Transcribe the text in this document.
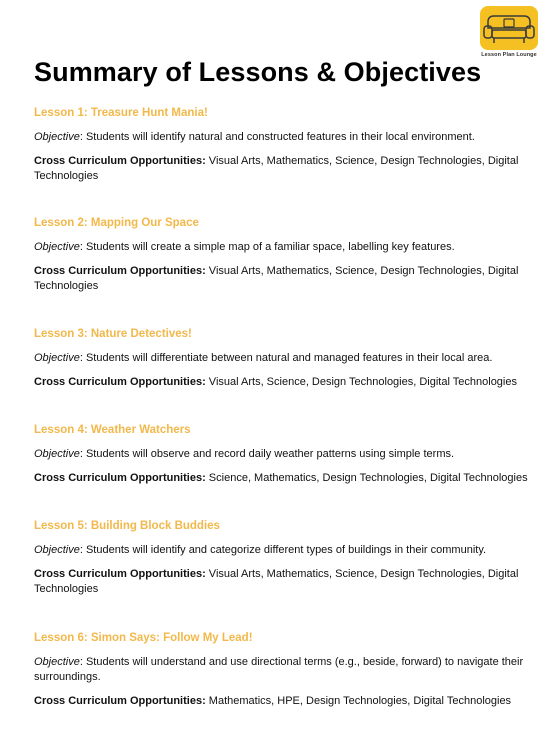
Lesson Plan Lounge
Summary of Lessons & Objectives
Lesson 1: Treasure Hunt Mania!

Objective: Students will identify natural and constructed features in their local environment.

Cross Curriculum Opportunities: Visual Arts, Mathematics, Science, Design Technologies, Digital Technologies

Lesson 2: Mapping Our Space

Objective: Students will create a simple map of a familiar space, labelling key features.

Cross Curriculum Opportunities: Visual Arts, Mathematics, Science, Design Technologies, Digital Technologies

Lesson 3: Nature Detectives!

Objective: Students will differentiate between natural and managed features in their local area.

Cross Curriculum Opportunities: Visual Arts, Science, Design Technologies, Digital Technologies

Lesson 4: Weather Watchers

Objective: Students will observe and record daily weather patterns using simple terms.

Cross Curriculum Opportunities: Science, Mathematics, Design Technologies, Digital Technologies

Lesson 5: Building Block Buddies

Objective: Students will identify and categorize different types of buildings in their community.

Cross Curriculum Opportunities: Visual Arts, Mathematics, Science, Design Technologies, Digital Technologies

Lesson 6: Simon Says: Follow My Lead!

Objective: Students will understand and use directional terms (e.g., beside, forward) to navigate their surroundings.

Cross Curriculum Opportunities: Mathematics, HPE, Design Technologies, Digital Technologies
